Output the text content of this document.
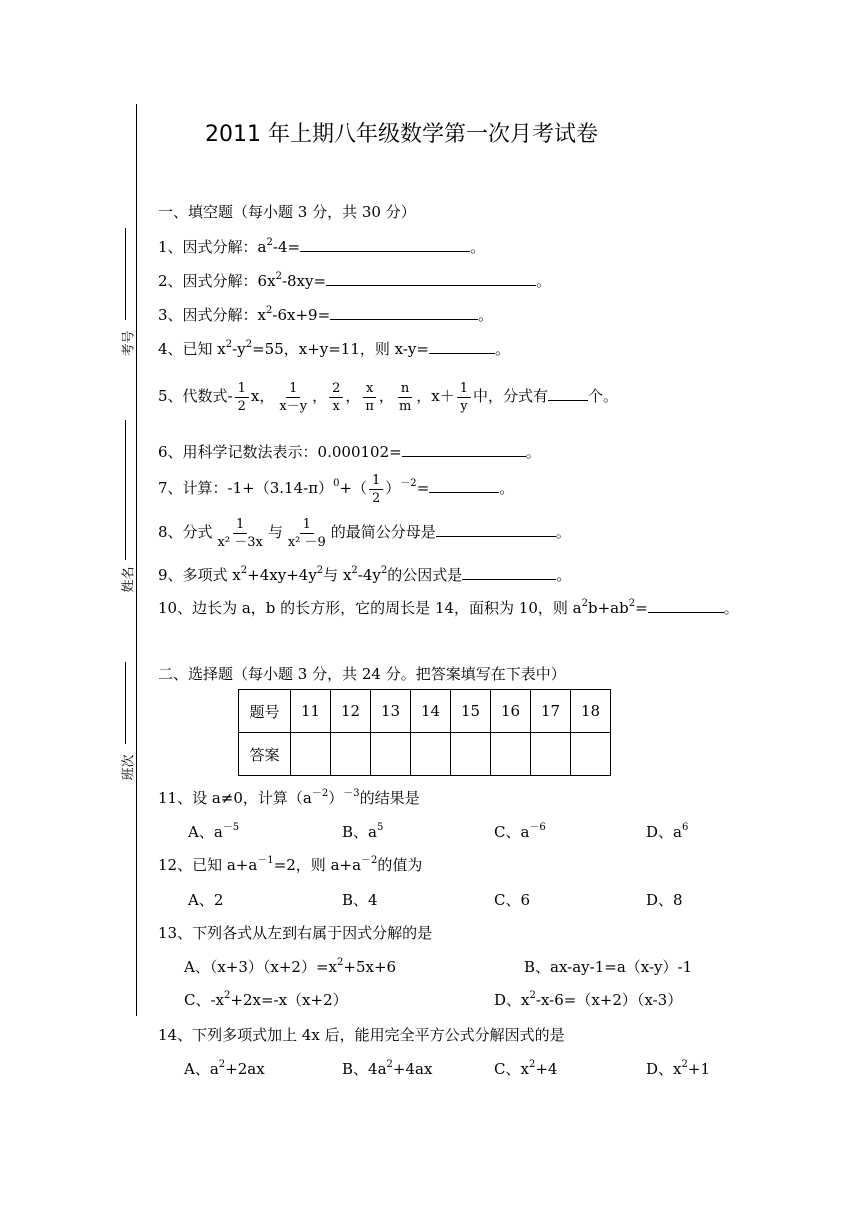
考号
姓名
班次
2011 年上期八年级数学第一次月考试卷
一、填空题（每小题 3 分，共 30 分）
1、因式分解：$a^2-4=$	。
2、因式分解：$6x^2-8xy=$	。
3、因式分解：$x^2-6x+9=$	。
4、已知 $x^2-y^2=55$，x+y=11，则 x-y=	。
5、代数式- $\frac{1}{2}$ x， $\frac{1}{x-y}$ ， $\frac{2}{x}$ ， $\frac{x}{\pi}$ ， $\frac{n}{m}$ ，$x+ \frac{1}{y}$ 中，分式有	个。
6、用科学记数法表示：0.000102=	。
7、计算：$-1+(3.14-\pi)^0+( \frac{1}{2} )^{-2}=$	。
8、分式 $\frac{1}{\text{x² －3x}}$ 与 $\frac{1}{\text{x² －9}}$ 的最简公分母是	。
9、多项式 $x^2+4xy+4y^2$与 $x^2-4y^2$的公因式是	。
10、边长为 a，b 的长方形，它的周长是 14，面积为 10，则 $a^2b+ab^2=$	。
二、选择题（每小题 3 分，共 24 分。把答案填写在下表中）
题号	11	12	13	14	15	16	17	18
答案								
11、设 a≠0，计算$(a^{-2})^{-3}$的结果是
A、$a^{-5}$	B、$a^5$	C、$a^{-6}$	D、$a^6$
12、已知 $a+a^{-1}=2$，则 $a+a^{-2}$的值为
A、2	B、4	C、6	D、8
13、下列各式从左到右属于因式分解的是
A、$(x+3)(x+2)=x^2+5x+6$	B、ax-ay-1=a（x-y）-1
C、$-x^2+2x=-x(x+2)$	D、$x^2-x-6=(x+2)(x-3)$
14、下列多项式加上 4x 后，能用完全平方公式分解因式的是
A、$a^2+2ax$	B、$4a^2+4ax$	C、$x^2+4$	D、$x^2+1$
